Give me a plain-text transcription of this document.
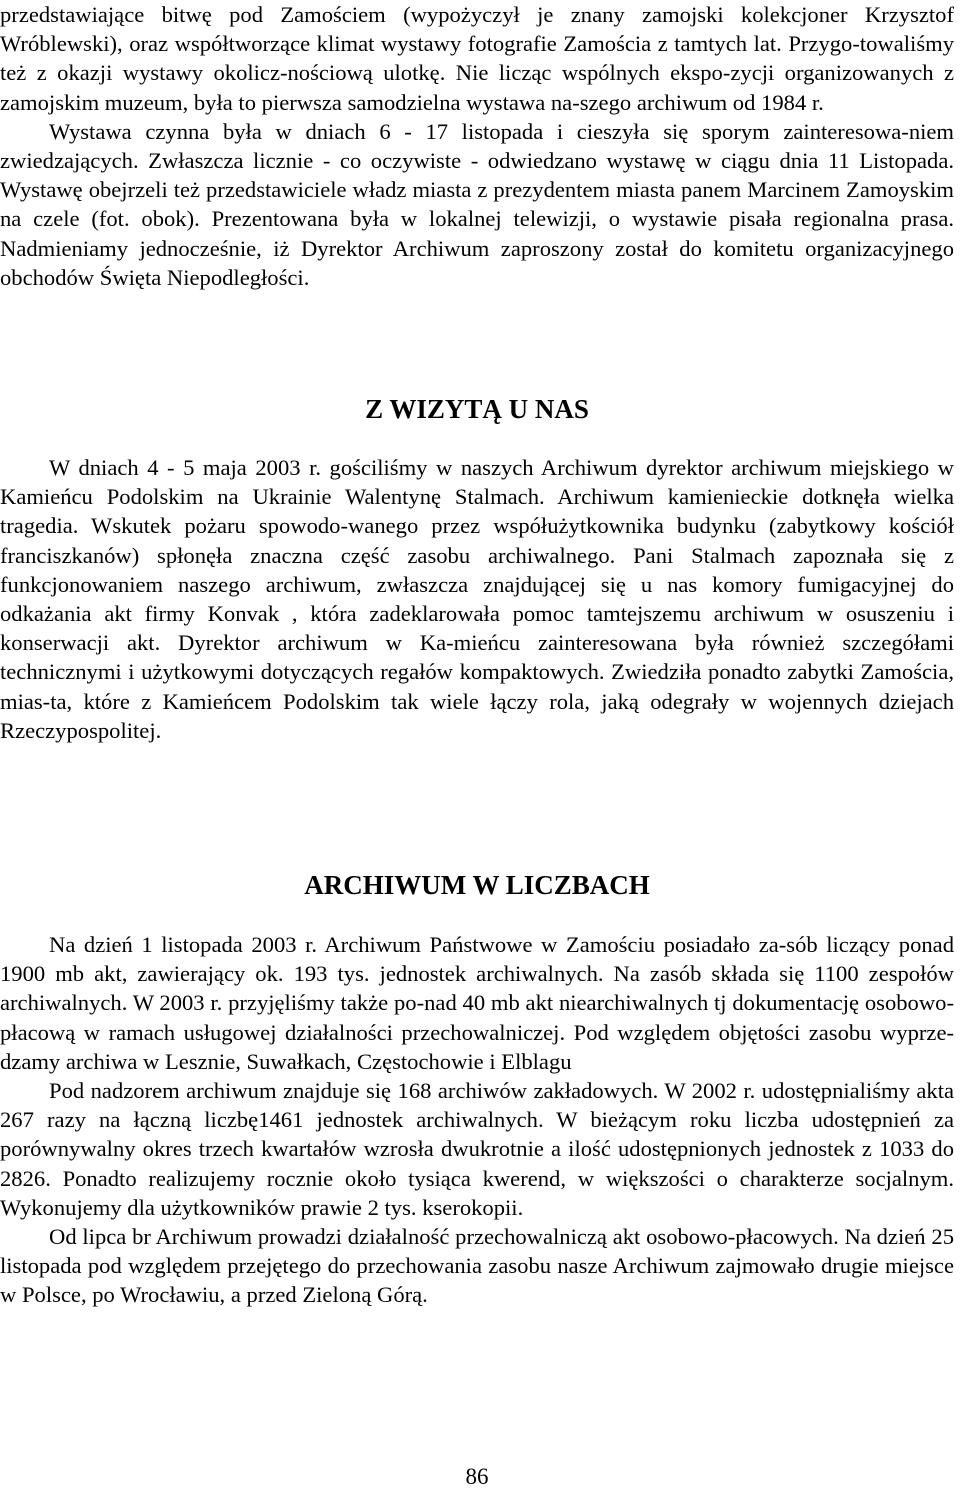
przedstawiające bitwę pod Zamościem (wypożyczył je znany zamojski kolekcjoner Krzysztof Wróblewski), oraz współtworzące klimat wystawy fotografie Zamościa z tamtych lat. Przygo-towaliśmy też z okazji wystawy okolicz-nościową ulotkę. Nie licząc wspólnych ekspo-zycji organizowanych z zamojskim muzeum, była to pierwsza samodzielna wystawa na-szego archiwum od 1984 r.

Wystawa czynna była w dniach 6 - 17 listopada i cieszyła się sporym zainteresowa-niem zwiedzających. Zwłaszcza licznie - co oczywiste - odwiedzano wystawę w ciągu dnia 11 Listopada. Wystawę obejrzeli też przedstawiciele władz miasta z prezydentem miasta panem Marcinem Zamoyskim na czele (fot. obok). Prezentowana była w lokalnej telewizji, o wystawie pisała regionalna prasa. Nadmieniamy jednocześnie, iż Dyrektor Archiwum zaproszony został do komitetu organizacyjnego obchodów Święta Niepodległości.

Z WIZYTĄ U NAS

W dniach 4 - 5 maja 2003 r. gościliśmy w naszych Archiwum dyrektor archiwum miejskiego w Kamieńcu Podolskim na Ukrainie Walentynę Stalmach. Archiwum kamienieckie dotknęła wielka tragedia. Wskutek pożaru spowodo-wanego przez współużytkownika budynku (zabytkowy kościół franciszkanów) spłonęła znaczna część zasobu archiwalnego. Pani Stalmach zapoznała się z funkcjonowaniem naszego archiwum, zwłaszcza znajdującej się u nas komory fumigacyjnej do odkażania akt firmy Konvak , która zadeklarowała pomoc tamtejszemu archiwum w osuszeniu i konserwacji akt. Dyrektor archiwum w Ka-mieńcu zainteresowana była również szczegółami technicznymi i użytkowymi dotyczących regałów kompaktowych. Zwiedziła ponadto zabytki Zamościa, mias-ta, które z Kamieńcem Podolskim tak wiele łączy rola, jaką odegrały w wojennych dziejach Rzeczypospolitej.

ARCHIWUM W LICZBACH

Na dzień 1 listopada 2003 r. Archiwum Państwowe w Zamościu posiadało za-sób liczący ponad 1900 mb akt, zawierający ok. 193 tys. jednostek archiwalnych. Na zasób składa się 1100 zespołów archiwalnych. W 2003 r. przyjęliśmy także po-nad 40 mb akt niearchiwalnych tj dokumentację osobowo-płacową w ramach usługowej działalności przechowalniczej. Pod względem objętości zasobu wyprze-dzamy archiwa w Lesznie, Suwałkach, Częstochowie i Elblagu

Pod nadzorem archiwum znajduje się 168 archiwów zakładowych. W 2002 r. udostępnialiśmy akta 267 razy na łączną liczbę1461 jednostek archiwalnych. W bieżącym roku liczba udostępnień za porównywalny okres trzech kwartałów wzrosła dwukrotnie a ilość udostępnionych jednostek z 1033 do 2826. Ponadto realizujemy rocznie około tysiąca kwerend, w większości o charakterze socjalnym. Wykonujemy dla użytkowników prawie 2 tys. kserokopii.

Od lipca br Archiwum prowadzi działalność przechowalniczą akt osobowo-płacowych. Na dzień 25 listopada pod względem przejętego do przechowania zasobu nasze Archiwum zajmowało drugie miejsce w Polsce, po Wrocławiu, a przed Zieloną Górą.

86
